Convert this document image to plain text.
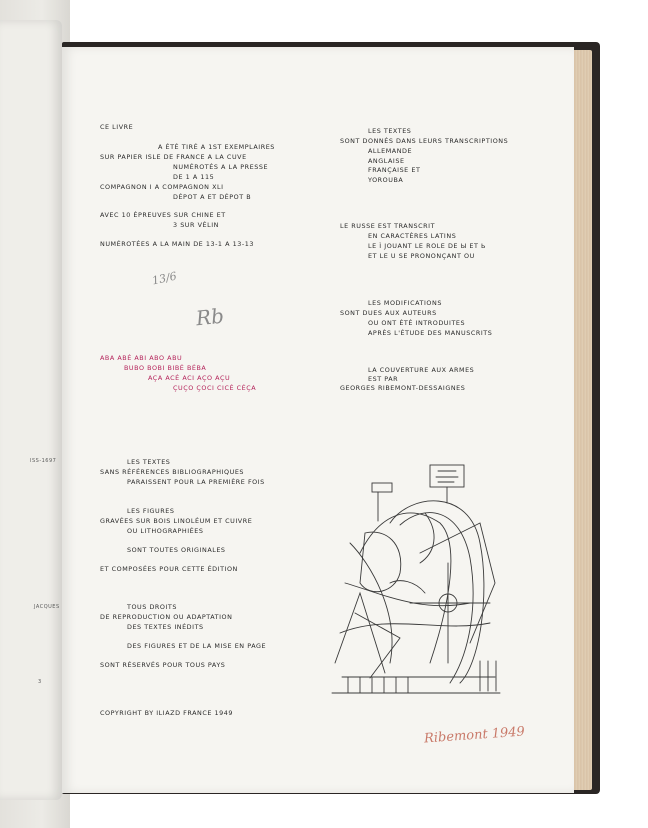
ISS-1697
JACQUES
3
CE LIVRE
A ÉTÉ TIRÉ A 1ST EXEMPLAIRES
SUR PAPIER ISLE DE FRANCE A LA CUVE
NUMÉROTÉS A LA PRESSE
DE 1 A 115
COMPAGNON I A COMPAGNON XLI
DÉPOT A ET DÉPOT B
AVEC 10 ÉPREUVES SUR CHINE ET
3 SUR VÉLIN
NUMÉROTÉES A LA MAIN DE 13-1 A 13-13
13/6
Rb
ABA ABÉ ABI ABO ABU
BUBO BOBI BIBÉ BÉBA
AÇA ACÉ ACI AÇO AÇU
ÇUÇO ÇOCI CICÉ CÉÇA
LES TEXTES
SANS RÉFÉRENCES BIBLIOGRAPHIQUES
PARAISSENT POUR LA PREMIÈRE FOIS
LES FIGURES
GRAVÉES SUR BOIS LINOLÉUM ET CUIVRE
OU LITHOGRAPHIÉES
SONT TOUTES ORIGINALES
ET COMPOSÉES POUR CETTE ÉDITION
TOUS DROITS
DE REPRODUCTION OU ADAPTATION
DES TEXTES INÉDITS
DES FIGURES ET DE LA MISE EN PAGE
SONT RÉSERVÉS POUR TOUS PAYS
COPYRIGHT BY ILIAZD FRANCE 1949
LES TEXTES
SONT DONNÉS DANS LEURS TRANSCRIPTIONS
ALLEMANDE
ANGLAISE
FRANÇAISE ET
YOROUBA
LE RUSSE EST TRANSCRIT
EN CARACTÈRES LATINS
LE Ì JOUANT LE ROLE DE Ы ET Ь
ET LE U SE PRONONÇANT OU
LES MODIFICATIONS
SONT DUES AUX AUTEURS
OU ONT ÉTÉ INTRODUITES
APRÈS L'ÉTUDE DES MANUSCRITS
LA COUVERTURE AUX ARMES
EST PAR
GEORGES RIBEMONT-DESSAIGNES
Ribemont 1949
